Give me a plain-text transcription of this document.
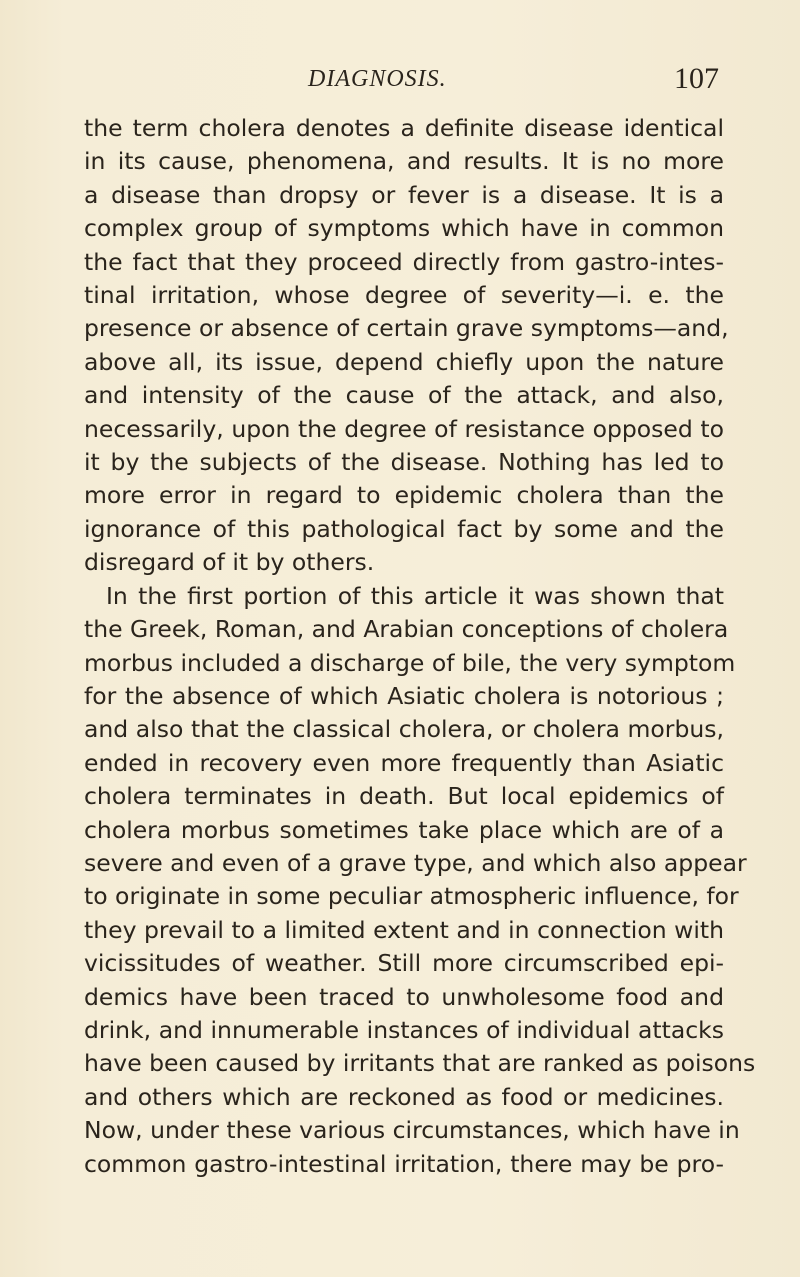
DIAGNOSIS.	107
the term cholera denotes a definite disease identical
in its cause, phenomena, and results. It is no more
a disease than dropsy or fever is a disease. It is a
complex group of symptoms which have in common
the fact that they proceed directly from gastro-intes-
tinal irritation, whose degree of severity—i. e. the
presence or absence of certain grave symptoms—and,
above all, its issue, depend chiefly upon the nature
and intensity of the cause of the attack, and also,
necessarily, upon the degree of resistance opposed to
it by the subjects of the disease. Nothing has led to
more error in regard to epidemic cholera than the
ignorance of this pathological fact by some and the
disregard of it by others.
In the first portion of this article it was shown that
the Greek, Roman, and Arabian conceptions of cholera
morbus included a discharge of bile, the very symptom
for the absence of which Asiatic cholera is notorious ;
and also that the classical cholera, or cholera morbus,
ended in recovery even more frequently than Asiatic
cholera terminates in death. But local epidemics of
cholera morbus sometimes take place which are of a
severe and even of a grave type, and which also appear
to originate in some peculiar atmospheric influence, for
they prevail to a limited extent and in connection with
vicissitudes of weather. Still more circumscribed epi-
demics have been traced to unwholesome food and
drink, and innumerable instances of individual attacks
have been caused by irritants that are ranked as poisons
and others which are reckoned as food or medicines.
Now, under these various circumstances, which have in
common gastro-intestinal irritation, there may be pro-
